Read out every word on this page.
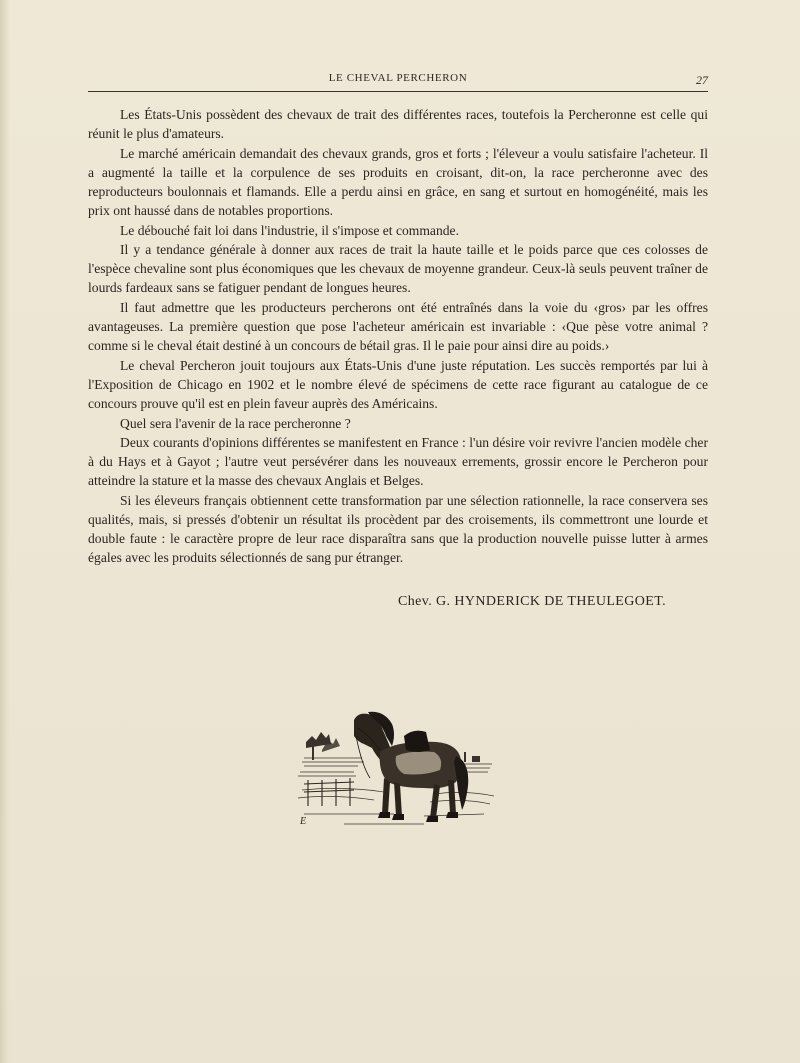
LE CHEVAL PERCHERON	27

Les États-Unis possèdent des chevaux de trait des différentes races, toutefois la Percheronne est celle qui réunit le plus d'amateurs.

Le marché américain demandait des chevaux grands, gros et forts ; l'éleveur a voulu satisfaire l'acheteur. Il a augmenté la taille et la corpulence de ses produits en croisant, dit-on, la race percheronne avec des reproducteurs boulonnais et flamands. Elle a perdu ainsi en grâce, en sang et surtout en homogénéité, mais les prix ont haussé dans de notables proportions.

Le débouché fait loi dans l'industrie, il s'impose et commande.

Il y a tendance générale à donner aux races de trait la haute taille et le poids parce que ces colosses de l'espèce chevaline sont plus économiques que les chevaux de moyenne grandeur. Ceux-là seuls peuvent traîner de lourds fardeaux sans se fatiguer pendant de longues heures.

Il faut admettre que les producteurs percherons ont été entraînés dans la voie du ‹gros› par les offres avantageuses. La première question que pose l'acheteur américain est invariable : ‹Que pèse votre animal ? comme si le cheval était destiné à un concours de bétail gras. Il le paie pour ainsi dire au poids.›

Le cheval Percheron jouit toujours aux États-Unis d'une juste réputation. Les succès remportés par lui à l'Exposition de Chicago en 1902 et le nombre élevé de spécimens de cette race figurant au catalogue de ce concours prouve qu'il est en plein faveur auprès des Américains.

Quel sera l'avenir de la race percheronne ?

Deux courants d'opinions différentes se manifestent en France : l'un désire voir revivre l'ancien modèle cher à du Hays et à Gayot ; l'autre veut persévérer dans les nouveaux errements, grossir encore le Percheron pour atteindre la stature et la masse des chevaux Anglais et Belges.

Si les éleveurs français obtiennent cette transformation par une sélection rationnelle, la race conservera ses qualités, mais, si pressés d'obtenir un résultat ils procèdent par des croisements, ils commettront une lourde et double faute : le caractère propre de leur race disparaîtra sans que la production nouvelle puisse lutter à armes égales avec les produits sélectionnés de sang pur étranger.

Chev. G. HYNDERICK DE THEULEGOET.
E
